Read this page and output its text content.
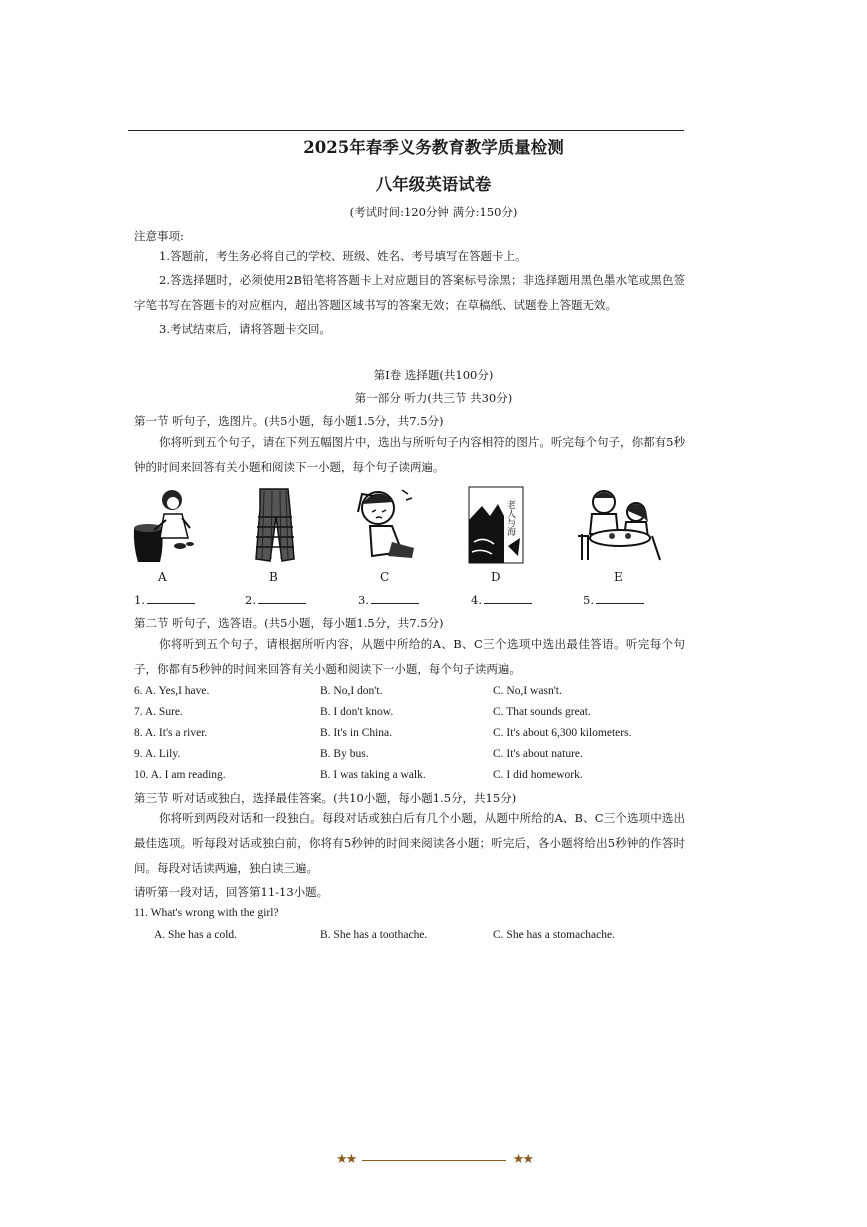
2025年春季义务教育教学质量检测
八年级英语试卷
(考试时间:120分钟 满分:150分)
注意事项:
1.答题前，考生务必将自己的学校、班级、姓名、考号填写在答题卡上。
2.答选择题时，必须使用2B铅笔将答题卡上对应题目的答案标号涂黑；非选择题用黑色墨水笔或黑色签字笔书写在答题卡的对应框内，超出答题区域书写的答案无效；在草稿纸、试题卷上答题无效。
3.考试结束后，请将答题卡交回。
第Ⅰ卷 选择题(共100分)
第一部分 听力(共三节 共30分)
第一节 听句子，选图片。(共5小题，每小题1.5分，共7.5分)
你将听到五个句子，请在下列五幅图片中，选出与所听句子内容相符的图片。听完每个句子，你都有5秒钟的时间来回答有关小题和阅读下一小题，每个句子读两遍。
老人与海
A	B	C	D	E
1.	2.	3.	4.	5.
第二节 听句子，选答语。(共5小题，每小题1.5分，共7.5分)
你将听到五个句子，请根据所听内容，从题中所给的A、B、C三个选项中选出最佳答语。听完每个句子，你都有5秒钟的时间来回答有关小题和阅读下一小题，每个句子读两遍。
6. A. Yes,I have.	B. No,I don't.	C. No,I wasn't.
7. A. Sure.	B. I don't know.	C. That sounds great.
8. A. It's a river.	B. It's in China.	C. It's about 6,300 kilometers.
9. A. Lily.	B. By bus.	C. It's about nature.
10. A. I am reading.	B. I was taking a walk.	C. I did homework.
第三节 听对话或独白，选择最佳答案。(共10小题，每小题1.5分，共15分)
你将听到两段对话和一段独白。每段对话或独白后有几个小题，从题中所给的A、B、C三个选项中选出最佳选项。听每段对话或独白前，你将有5秒钟的时间来阅读各小题；听完后，各小题将给出5秒钟的作答时间。每段对话读两遍，独白读三遍。
请听第一段对话，回答第11-13小题。
11. What's wrong with the girl?
A. She has a cold.	B. She has a toothache.	C. She has a stomachache.
★★	★★
